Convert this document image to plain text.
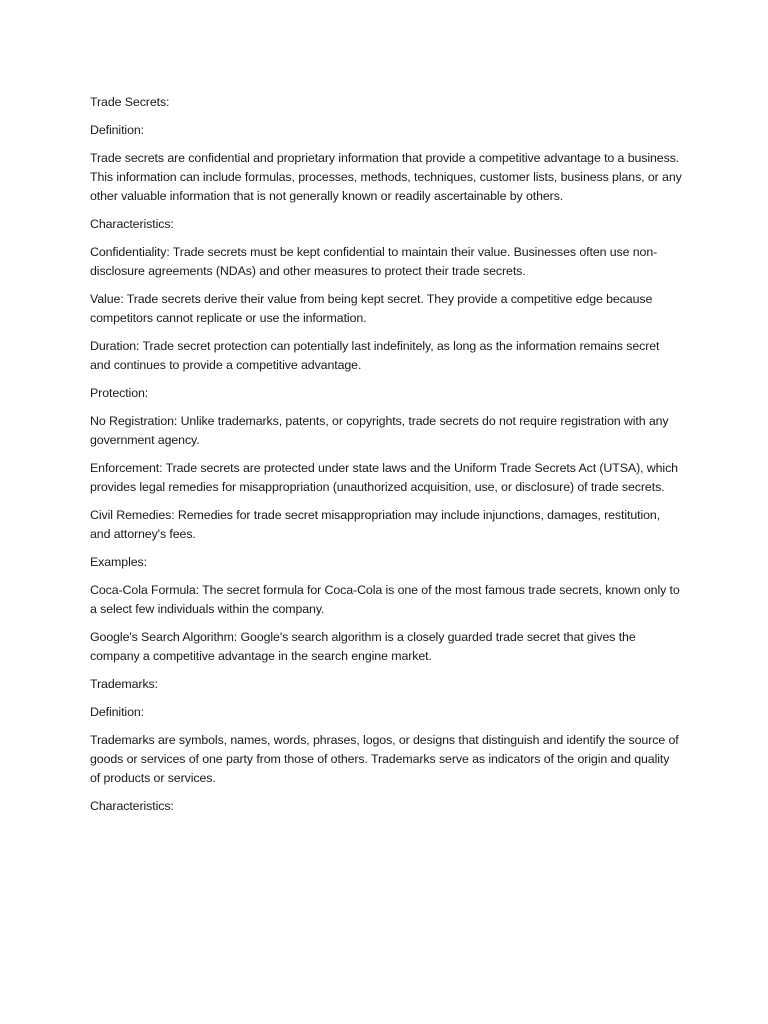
Trade Secrets:

Definition:

Trade secrets are confidential and proprietary information that provide a competitive advantage to a business. This information can include formulas, processes, methods, techniques, customer lists, business plans, or any other valuable information that is not generally known or readily ascertainable by others.

Characteristics:

Confidentiality: Trade secrets must be kept confidential to maintain their value. Businesses often use non-disclosure agreements (NDAs) and other measures to protect their trade secrets.

Value: Trade secrets derive their value from being kept secret. They provide a competitive edge because competitors cannot replicate or use the information.

Duration: Trade secret protection can potentially last indefinitely, as long as the information remains secret and continues to provide a competitive advantage.

Protection:

No Registration: Unlike trademarks, patents, or copyrights, trade secrets do not require registration with any government agency.

Enforcement: Trade secrets are protected under state laws and the Uniform Trade Secrets Act (UTSA), which provides legal remedies for misappropriation (unauthorized acquisition, use, or disclosure) of trade secrets.

Civil Remedies: Remedies for trade secret misappropriation may include injunctions, damages, restitution, and attorney's fees.

Examples:

Coca-Cola Formula: The secret formula for Coca-Cola is one of the most famous trade secrets, known only to a select few individuals within the company.

Google's Search Algorithm: Google's search algorithm is a closely guarded trade secret that gives the company a competitive advantage in the search engine market.

Trademarks:

Definition:

Trademarks are symbols, names, words, phrases, logos, or designs that distinguish and identify the source of goods or services of one party from those of others. Trademarks serve as indicators of the origin and quality of products or services.

Characteristics:
